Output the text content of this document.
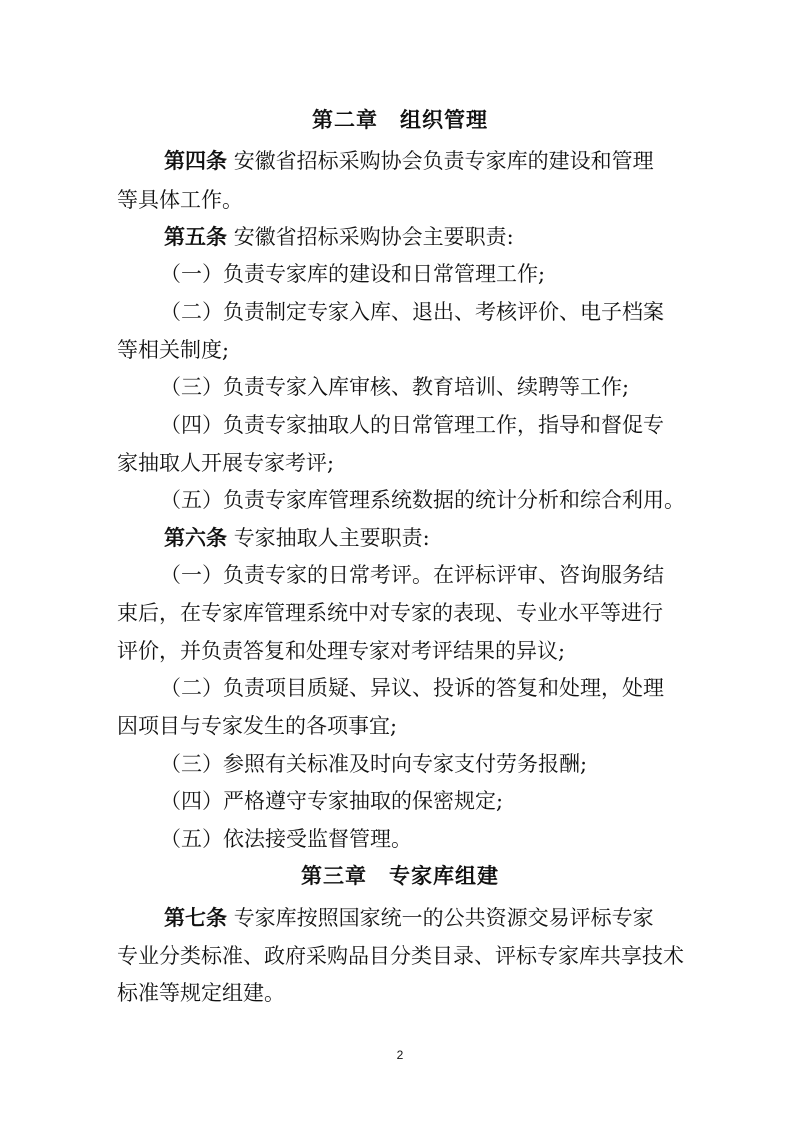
第二章　组织管理
第四条 安徽省招标采购协会负责专家库的建设和管理
等具体工作。
第五条 安徽省招标采购协会主要职责:
（一）负责专家库的建设和日常管理工作;
（二）负责制定专家入库、退出、考核评价、电子档案
等相关制度;
（三）负责专家入库审核、教育培训、续聘等工作;
（四）负责专家抽取人的日常管理工作，指导和督促专
家抽取人开展专家考评;
（五）负责专家库管理系统数据的统计分析和综合利用。
第六条 专家抽取人主要职责:
（一）负责专家的日常考评。在评标评审、咨询服务结
束后，在专家库管理系统中对专家的表现、专业水平等进行
评价，并负责答复和处理专家对考评结果的异议;
（二）负责项目质疑、异议、投诉的答复和处理，处理
因项目与专家发生的各项事宜;
（三）参照有关标准及时向专家支付劳务报酬;
（四）严格遵守专家抽取的保密规定;
（五）依法接受监督管理。
第三章　专家库组建
第七条 专家库按照国家统一的公共资源交易评标专家
专业分类标准、政府采购品目分类目录、评标专家库共享技术
标准等规定组建。
2
